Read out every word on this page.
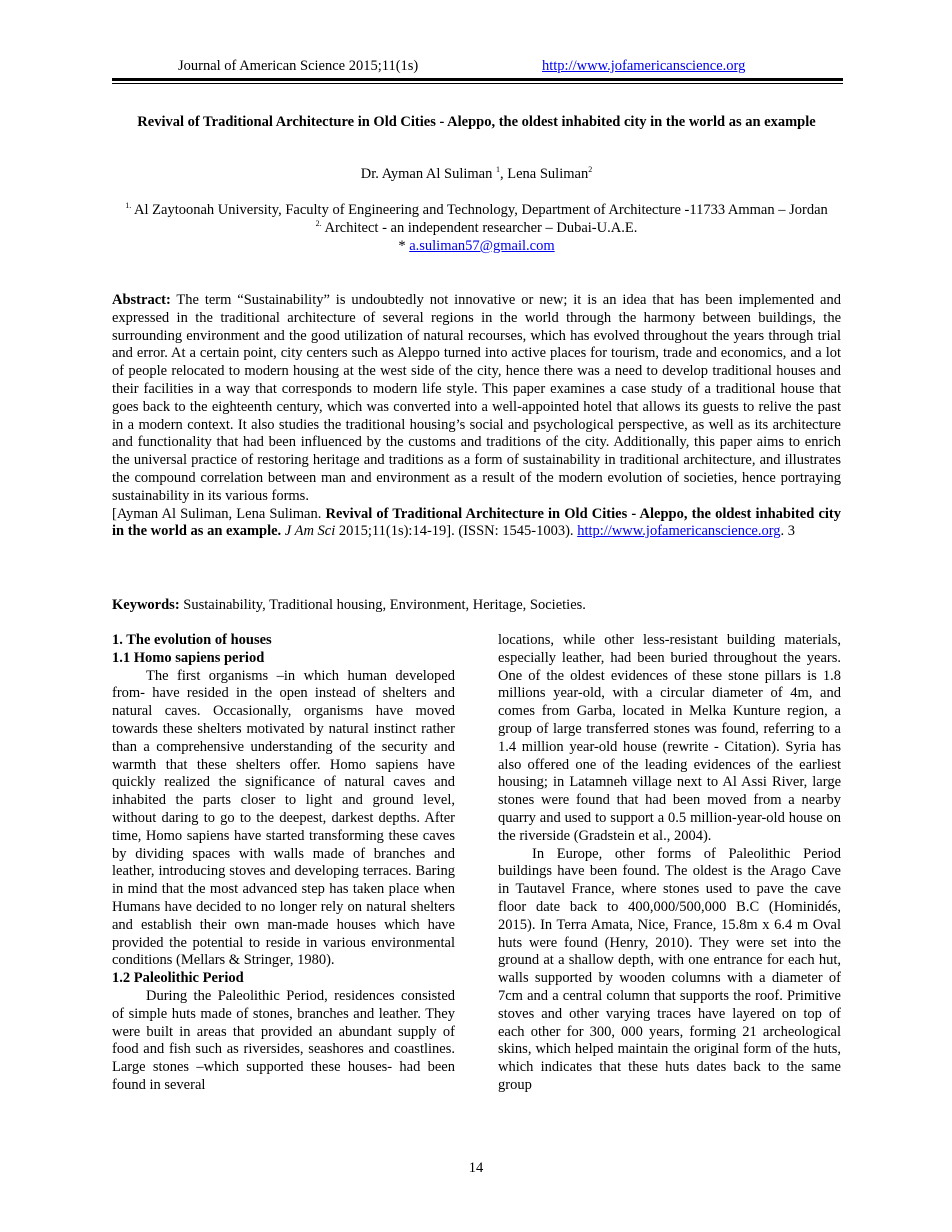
Journal of American Science 2015;11(1s)	http://www.jofamericanscience.org
Revival of Traditional Architecture in Old Cities - Aleppo, the oldest inhabited city in the world as an example
Dr. Ayman Al Suliman $^1$, Lena Suliman$^2$
$^{1.}$ Al Zaytoonah University, Faculty of Engineering and Technology, Department of Architecture -11733 Amman – Jordan
$^{2.}$ Architect - an independent researcher – Dubai-U.A.E.
* a.suliman57@gmail.com

Abstract: The term “Sustainability” is undoubtedly not innovative or new; it is an idea that has been implemented and expressed in the traditional architecture of several regions in the world through the harmony between buildings, the surrounding environment and the good utilization of natural recourses, which has evolved throughout the years through trial and error. At a certain point, city centers such as Aleppo turned into active places for tourism, trade and economics, and a lot of people relocated to modern housing at the west side of the city, hence there was a need to develop traditional houses and their facilities in a way that corresponds to modern life style. This paper examines a case study of a traditional house that goes back to the eighteenth century, which was converted into a well-appointed hotel that allows its guests to relive the past in a modern context. It also studies the traditional housing’s social and psychological perspective, as well as its architecture and functionality that had been influenced by the customs and traditions of the city. Additionally, this paper aims to enrich the universal practice of restoring heritage and traditions as a form of sustainability in traditional architecture, and illustrates the compound correlation between man and environment as a result of the modern evolution of societies, hence portraying sustainability in its various forms.

[Ayman Al Suliman, Lena Suliman. Revival of Traditional Architecture in Old Cities - Aleppo, the oldest inhabited city in the world as an example. J Am Sci 2015;11(1s):14-19]. (ISSN: 1545-1003). http://www.jofamericanscience.org. 3

Keywords: Sustainability, Traditional housing, Environment, Heritage, Societies.
1. The evolution of houses
1.1 Homo sapiens period

The first organisms –in which human developed from- have resided in the open instead of shelters and natural caves. Occasionally, organisms have moved towards these shelters motivated by natural instinct rather than a comprehensive understanding of the security and warmth that these shelters offer. Homo sapiens have quickly realized the significance of natural caves and inhabited the parts closer to light and ground level, without daring to go to the deepest, darkest depths. After time, Homo sapiens have started transforming these caves by dividing spaces with walls made of branches and leather, introducing stoves and developing terraces. Baring in mind that the most advanced step has taken place when Humans have decided to no longer rely on natural shelters and establish their own man-made houses which have provided the potential to reside in various environmental conditions (Mellars & Stringer, 1980).

1.2 Paleolithic Period

During the Paleolithic Period, residences consisted of simple huts made of stones, branches and leather. They were built in areas that provided an abundant supply of food and fish such as riversides, seashores and coastlines. Large stones –which supported these houses- had been found in several

locations, while other less-resistant building materials, especially leather, had been buried throughout the years. One of the oldest evidences of these stone pillars is 1.8 millions year-old, with a circular diameter of 4m, and comes from Garba, located in Melka Kunture region, a group of large transferred stones was found, referring to a 1.4 million year-old house (rewrite - Citation). Syria has also offered one of the leading evidences of the earliest housing; in Latamneh village next to Al Assi River, large stones were found that had been moved from a nearby quarry and used to support a 0.5 million-year-old house on the riverside (Gradstein et al., 2004).

In Europe, other forms of Paleolithic Period buildings have been found. The oldest is the Arago Cave in Tautavel France, where stones used to pave the cave floor date back to 400,000/500,000 B.C (Hominidés, 2015). In Terra Amata, Nice, France, 15.8m x 6.4 m Oval huts were found (Henry, 2010). They were set into the ground at a shallow depth, with one entrance for each hut, walls supported by wooden columns with a diameter of 7cm and a central column that supports the roof. Primitive stoves and other varying traces have layered on top of each other for 300, 000 years, forming 21 archeological skins, which helped maintain the original form of the huts, which indicates that these huts dates back to the same group

14
